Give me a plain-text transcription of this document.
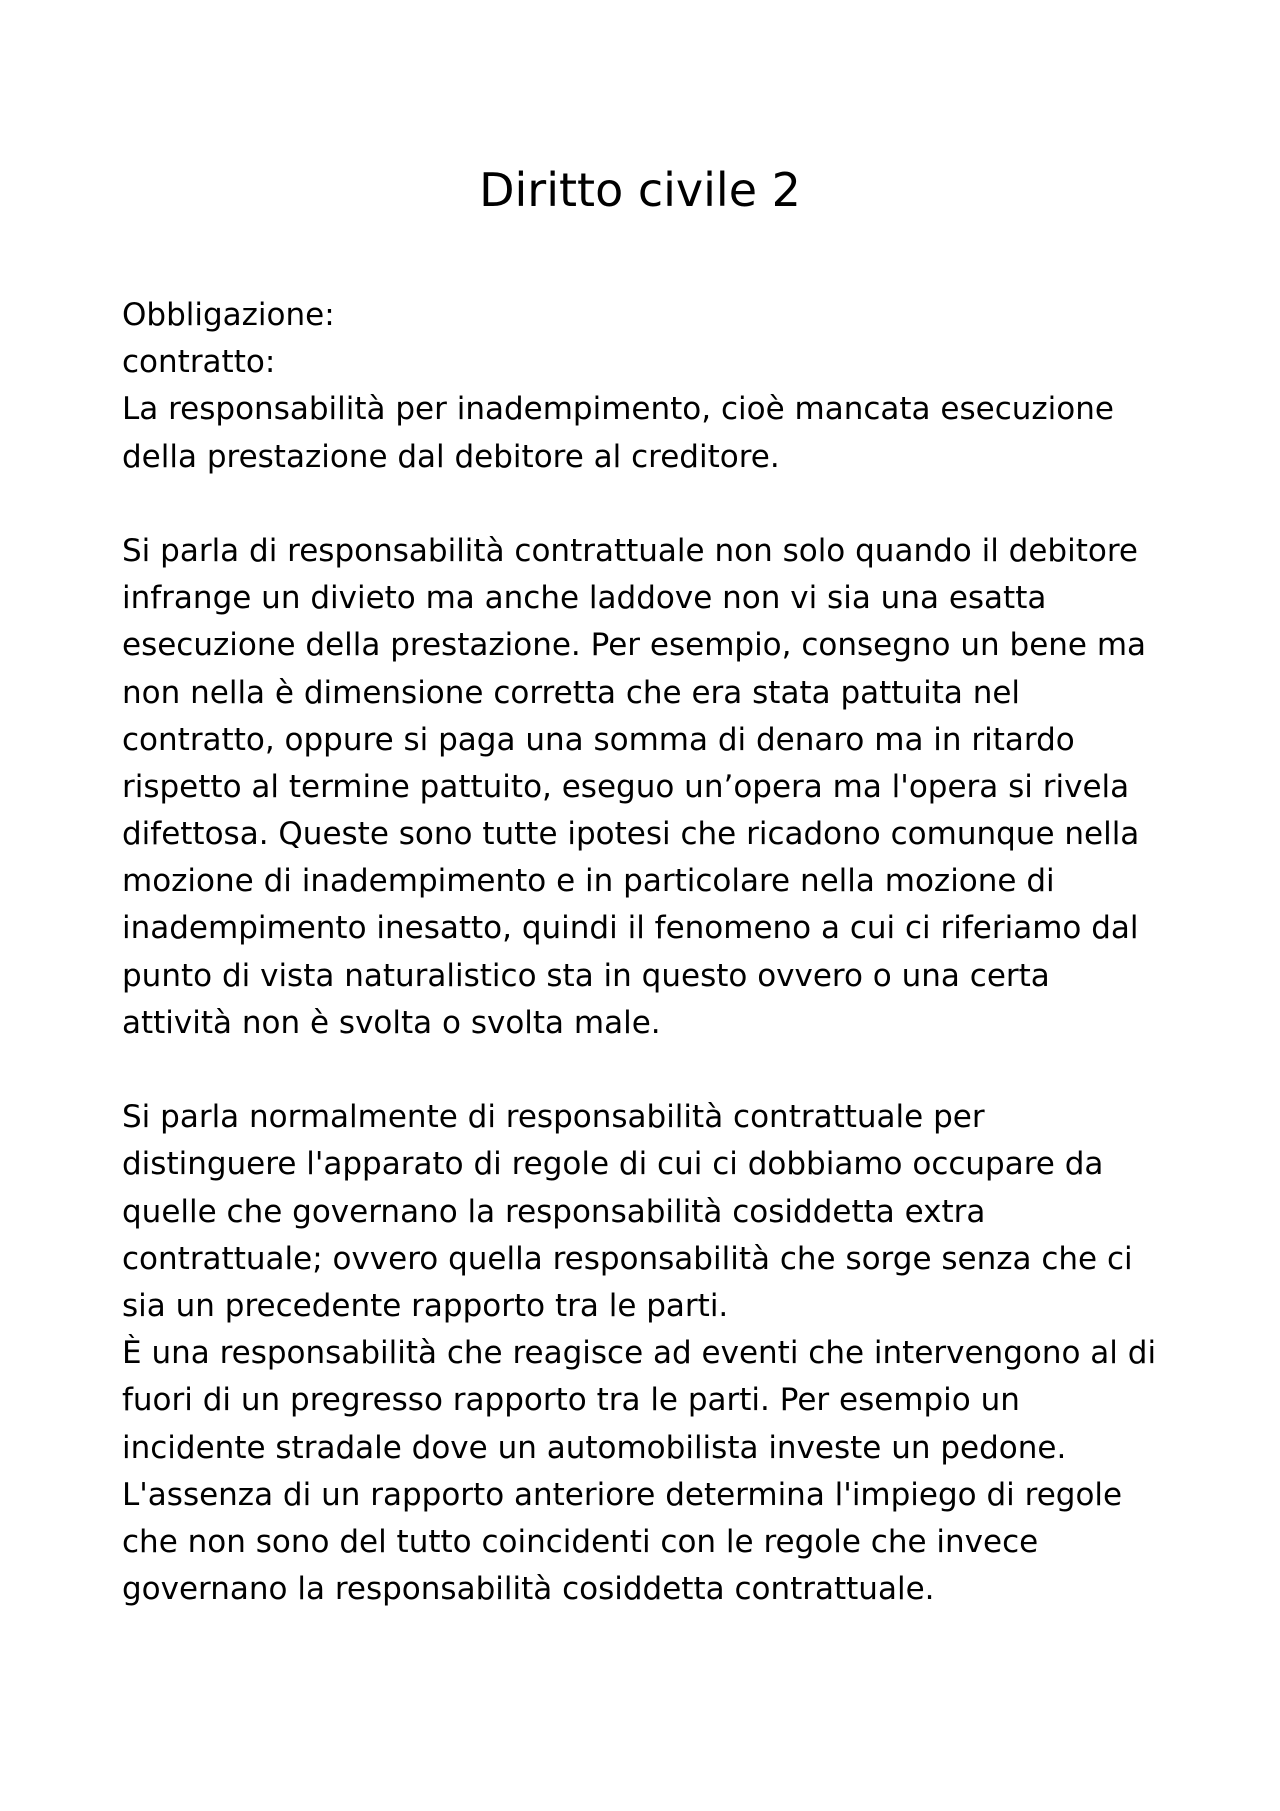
Diritto civile 2
Obbligazione:
contratto:
La responsabilità per inadempimento, cioè mancata esecuzione
della prestazione dal debitore al creditore.
Si parla di responsabilità contrattuale non solo quando il debitore
infrange un divieto ma anche laddove non vi sia una esatta
esecuzione della prestazione. Per esempio, consegno un bene ma
non nella è dimensione corretta che era stata pattuita nel
contratto, oppure si paga una somma di denaro ma in ritardo
rispetto al termine pattuito, eseguo un’opera ma l'opera si rivela
difettosa. Queste sono tutte ipotesi che ricadono comunque nella
mozione di inadempimento e in particolare nella mozione di
inadempimento inesatto, quindi il fenomeno a cui ci riferiamo dal
punto di vista naturalistico sta in questo ovvero o una certa
attività non è svolta o svolta male.
Si parla normalmente di responsabilità contrattuale per
distinguere l'apparato di regole di cui ci dobbiamo occupare da
quelle che governano la responsabilità cosiddetta extra
contrattuale; ovvero quella responsabilità che sorge senza che ci
sia un precedente rapporto tra le parti.
È una responsabilità che reagisce ad eventi che intervengono al di
fuori di un pregresso rapporto tra le parti. Per esempio un
incidente stradale dove un automobilista investe un pedone.
L'assenza di un rapporto anteriore determina l'impiego di regole
che non sono del tutto coincidenti con le regole che invece
governano la responsabilità cosiddetta contrattuale.
